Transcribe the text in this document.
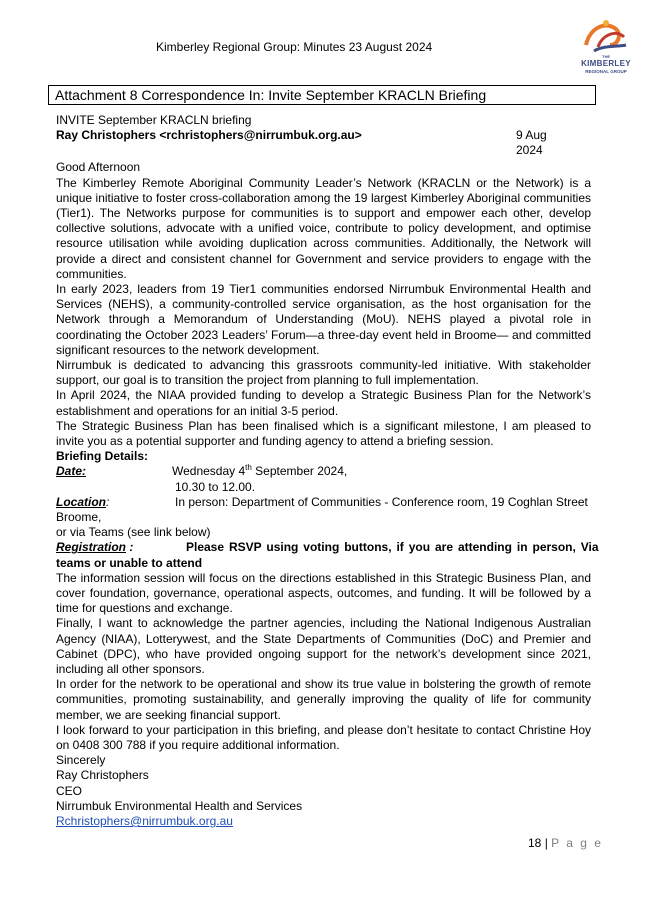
Kimberley Regional Group: Minutes 23 August 2024
THE
KIMBERLEY
REGIONAL GROUP
Attachment 8 Correspondence In: Invite September KRACLN Briefing

INVITE September KRACLN briefing

Ray Christophers <rchristophers@nirrumbuk.org.au>	9 Aug
2024

Good Afternoon

The Kimberley Remote Aboriginal Community Leader’s Network (KRACLN or the Network) is a unique initiative to foster cross-collaboration among the 19 largest Kimberley Aboriginal communities (Tier1). The Networks purpose for communities is to support and empower each other, develop collective solutions, advocate with a unified voice, contribute to policy development, and optimise resource utilisation while avoiding duplication across communities. Additionally, the Network will provide a direct and consistent channel for Government and service providers to engage with the communities.

In early 2023, leaders from 19 Tier1 communities endorsed Nirrumbuk Environmental Health and Services (NEHS), a community-controlled service organisation, as the host organisation for the Network through a Memorandum of Understanding (MoU). NEHS played a pivotal role in coordinating the October 2023 Leaders’ Forum—a three-day event held in Broome— and committed significant resources to the network development.

Nirrumbuk is dedicated to advancing this grassroots community-led initiative. With stakeholder support, our goal is to transition the project from planning to full implementation.

In April 2024, the NIAA provided funding to develop a Strategic Business Plan for the Network’s establishment and operations for an initial 3-5 period.

The Strategic Business Plan has been finalised which is a significant milestone, I am pleased to invite you as a potential supporter and funding agency to attend a briefing session.

Briefing Details:

Date:	Wednesday 4th September 2024,
10.30 to 12.00.
Location:	In person: Department of Communities - Conference room, 19 Coghlan Street

Broome,

or via Teams (see link below)

Registration :	Please RSVP using voting buttons, if you are attending in person, Via

teams or unable to attend

The information session will focus on the directions established in this Strategic Business Plan, and cover foundation, governance, operational aspects, outcomes, and funding. It will be followed by a time for questions and exchange.

Finally, I want to acknowledge the partner agencies, including the National Indigenous Australian Agency (NIAA), Lotterywest, and the State Departments of Communities (DoC) and Premier and Cabinet (DPC), who have provided ongoing support for the network’s development since 2021, including all other sponsors.

In order for the network to be operational and show its true value in bolstering the growth of remote communities, promoting sustainability, and generally improving the quality of life for community member, we are seeking financial support.

I look forward to your participation in this briefing, and please don’t hesitate to contact Christine Hoy on 0408 300 788 if you require additional information.

Sincerely

Ray Christophers

CEO

Nirrumbuk Environmental Health and Services

Rchristophers@nirrumbuk.org.au

18 | P a g e
